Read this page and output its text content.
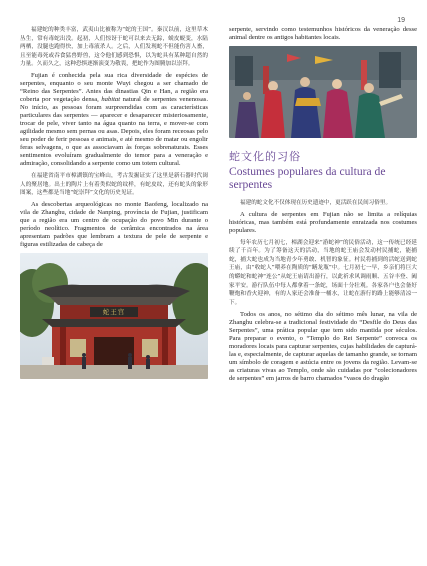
19

福建蛇的种类丰富，武夷山比被称为“蛇的王国”。秦汉以前，这里草木丛生，常有毒蛇出没。起初，人们惊讶于蛇可以来去无踪，蜕皮蜕变，水陆两栖，没腿也跑得快，加上毒液杀人。之后，人们发现蛇不但能伤害人畜，且至能毒死或吞食猛兽野兽，这令他们感到恐惧，以为蛇具有某种超自然的力量。久而久之，这种恐惧逐渐演变为敬畏，把蛇作为图腾加以崇拜。

Fujian é conhecida pela sua rica diversidade de espécies de serpentes, enquanto o seu monte Wuyi chegou a ser chamado de “Reino das Serpentes”. Antes das dinastias Qin e Han, a região era coberta por vegetação densa, habitat natural de serpentes venenosas. No início, as pessoas foram surpreendidas com as características particulares das serpentes — aparecer e desaparecer misteriosamente, trocar de pele, viver tanto na água quanto na terra, e mover-se com agilidade mesmo sem pernas ou asas. Depois, eles foram receosas pelo seu poder de ferir pessoas e animais, e até mesmo de matar ou engolir feras selvagens, o que as associavam às forças sobrenaturais. Esses sentimentos evoluíram gradualmente do temor para a veneração e admiração, consolidando a serpente como um totem cultural.

在福建省南平市樟湖镇的宝峰山，考古发掘证实了这里是新石器时代闽人的聚居地。出土的陶片上有着类似蛇的纹样，有蛇皮纹，还有蛇头的象形图案，这些都是当地“蛇崇拜”文化的历史见证。

As descobertas arqueológicas no monte Baofeng, localizado na vila de Zhanghu, cidade de Nanping, província de Fujian, justificam que a região era um centro de ocupação do povo Min durante o período neolítico. Fragmentos de cerâmica encontrados na área apresentam padrões que lembram a textura de pele de serpente e figuras estilizadas de cabeça de

蛇王宫

serpente, servindo como testemunhos históricos da veneração desse animal dentre os antigos habitantes locais.

蛇文化的习俗
Costumes populares da cultura de serpentes

福建的蛇文化不仅体现在历史遗迹中，更活跃在民间习俗里。

A cultura de serpentes em Fujian não se limita a relíquias históricas, mas também está profundamente enraizada nos costumes populares.

每年农历七月初七，樟湖会迎来“游蛇神”的民俗活动，这一传统已经延续了千百年。为了筹备这天的活动，当地的蛇王庙会发动村民捕蛇，能捕蛇，捕大蛇也成为当地青少年勇敢、机智的象征。村民将捕到的活蛇送到蛇王庙，由“收蛇人”喂养在陶质的“鳝龙瓶”中。七月初七一早，乡亲们将巨大的蟒蛇和蛇神“连公”从蛇王庙请出游行，以此祈求风调雨顺、五谷丰登、阖家平安。游行队伍中每人都拿着一条蛇，场面十分壮观。各家各户也会备好鞭炮和香火迎神，有的人家还会准备一桶水，让蛇在游行的路上能够清凉一下。

Todos os anos, no sétimo dia do sétimo mês lunar, na vila de Zhanghu celebra-se a tradicional festividade do “Desfile do Deus das Serpentes”, uma prática popular que tem sido mantida por séculos. Para preparar o evento, o “Templo do Rei Serpente” convoca os moradores locais para capturar serpentes, cujas habilidades de capturá-las e, especialmente, de capturar aquelas de tamanho grande, se tornam um símbolo de coragem e astúcia entre os jovens da região. Levam-se as criaturas vivas ao Templo, onde são cuidadas por “colecionadores de serpentes” em jarros de barro chamados “vasos do dragão
